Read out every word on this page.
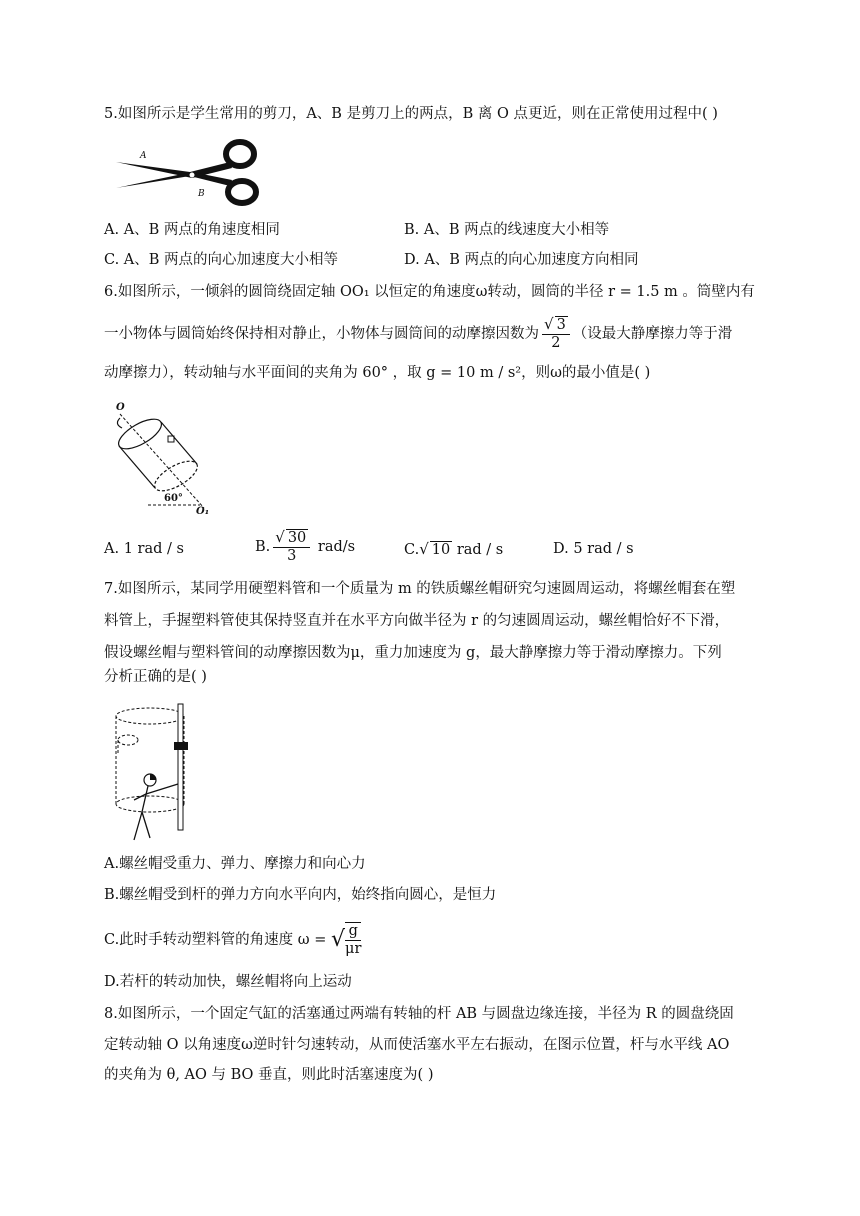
5.如图所示是学生常用的剪刀，A、B 是剪刀上的两点，B 离 O 点更近，则在正常使用过程中( )
A
B
A. A、B 两点的角速度相同	B. A、B 两点的线速度大小相等
C. A、B 两点的向心加速度大小相等	D. A、B 两点的向心加速度方向相同
6.如图所示，一倾斜的圆筒绕固定轴 OO₁ 以恒定的角速度ω转动，圆筒的半径 r = 1.5 m 。筒壁内有
一小物体与圆筒始终保持相对静止，小物体与圆筒间的动摩擦因数为 $\frac{√ 3}{2}$ （设最大静摩擦力等于滑
动摩擦力），转动轴与水平面间的夹角为 60° ，取 g = 10 m / s²，则ω的最小值是( )
O
60°
O₁
A. 1 rad / s	B. $\frac{√ 30}{3} rad/s$	C.√ 10 rad / s	D. 5 rad / s
7.如图所示，某同学用硬塑料管和一个质量为 m 的铁质螺丝帽研究匀速圆周运动，将螺丝帽套在塑
料管上，手握塑料管使其保持竖直并在水平方向做半径为 r 的匀速圆周运动，螺丝帽恰好不下滑，
假设螺丝帽与塑料管间的动摩擦因数为μ，重力加速度为 g，最大静摩擦力等于滑动摩擦力。下列
分析正确的是( )
A.螺丝帽受重力、弹力、摩擦力和向心力
B.螺丝帽受到杆的弹力方向水平向内，始终指向圆心，是恒力
C.此时手转动塑料管的角速度 ω = √ $\frac{g}{\mu r}$
D.若杆的转动加快，螺丝帽将向上运动
8.如图所示，一个固定气缸的活塞通过两端有转轴的杆 AB 与圆盘边缘连接，半径为 R 的圆盘绕固
定转动轴 O 以角速度ω逆时针匀速转动，从而使活塞水平左右振动，在图示位置，杆与水平线 AO
的夹角为 θ, AO 与 BO 垂直，则此时活塞速度为( )
